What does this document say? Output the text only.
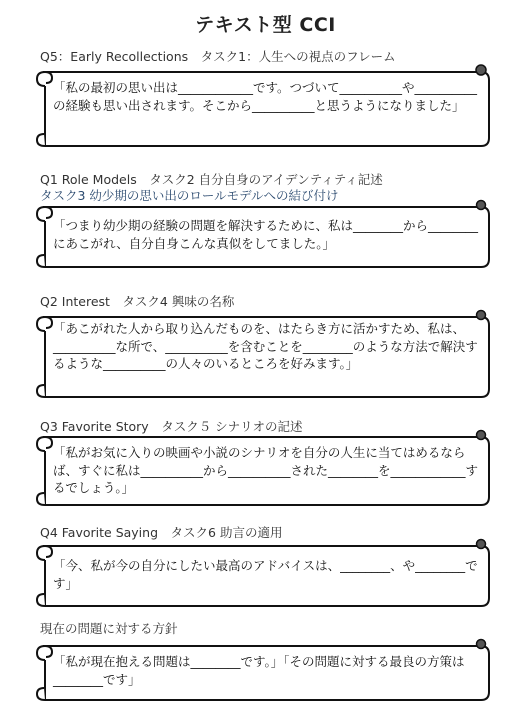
テキスト型 CCI
Q5：Early Recollections　タスク1：人生への視点のフレーム
「私の最初の思い出は____________です。つづいて__________や__________の経験も思い出されます。そこから__________と思うようになりました」
Q1 Role Models　タスク2 自分自身のアイデンティティ記述
タスク3 幼少期の思い出のロールモデルへの結び付け
「つまり幼少期の経験の問題を解決するために、私は________から________にあこがれ、自分自身こんな真似をしてました。」
Q2 Interest　タスク4 興味の名称
「あこがれた人から取り込んだものを、はたらき方に活かすため、私は、__________な所で、__________を含むことを________のような方法で解決するような__________の人々のいるところを好みます。」
Q3 Favorite Story　タスク５ シナリオの記述
「私がお気に入りの映画や小説のシナリオを自分の人生に当てはめるならば、すぐに私は__________から__________された________を____________するでしょう。」
Q4 Favorite Saying　タスク6 助言の適用
「今、私が今の自分にしたい最高のアドバイスは、________、や________です」
現在の問題に対する方針
「私が現在抱える問題は________です。」「その問題に対する最良の方策は________です」
